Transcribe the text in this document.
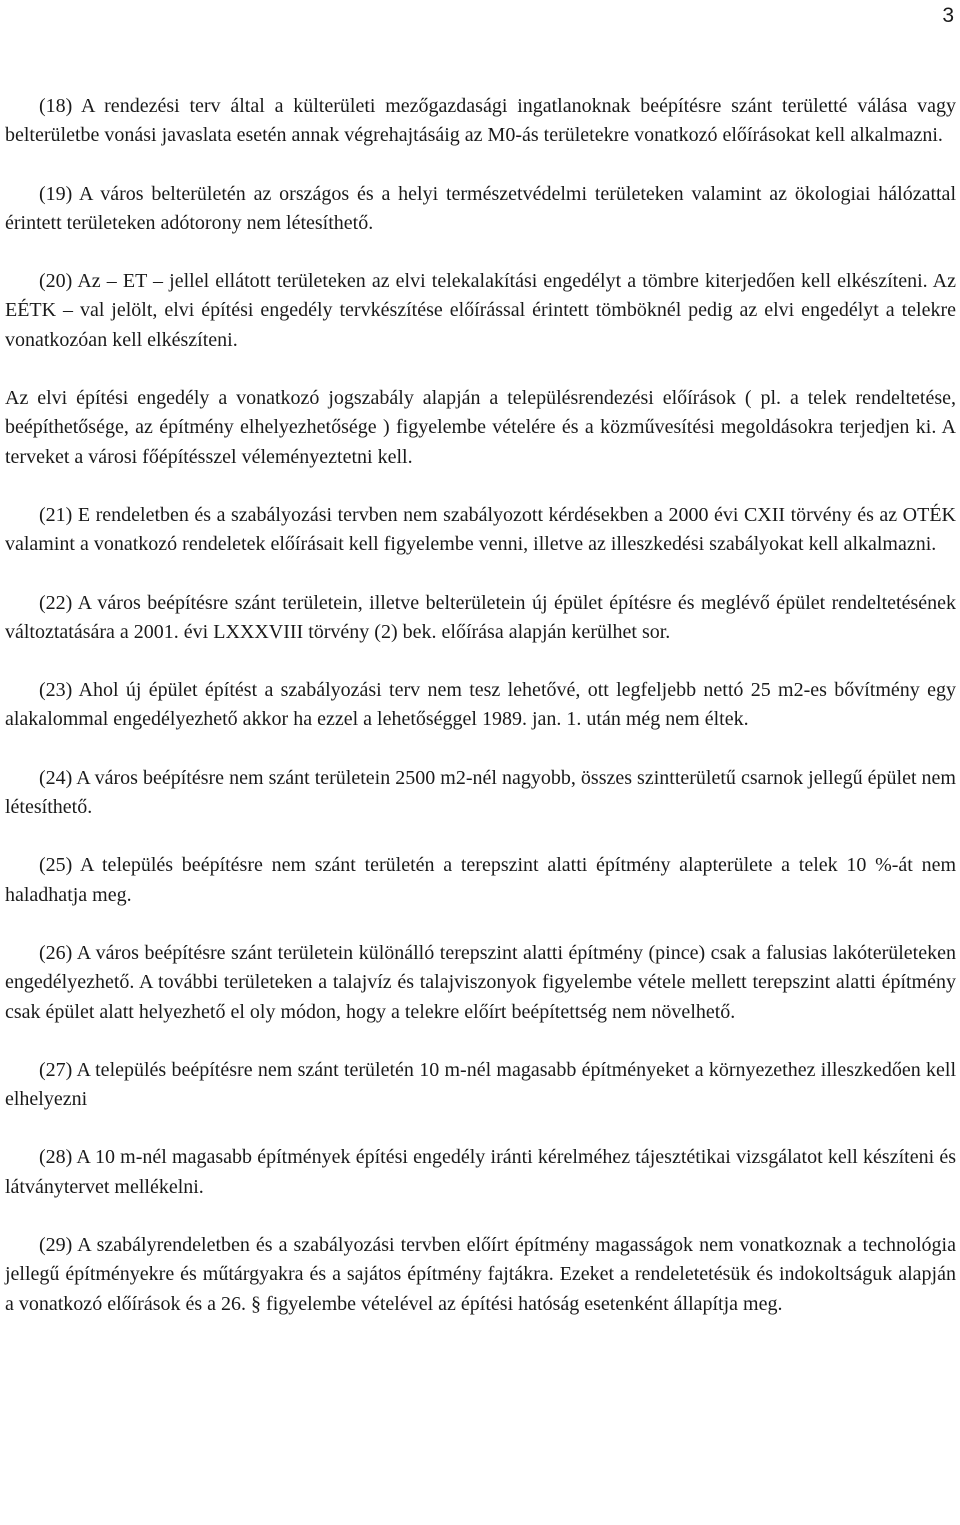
3

(18) A rendezési terv által a külterületi mezőgazdasági ingatlanoknak beépítésre szánt területté válása vagy belterületbe vonási javaslata esetén annak végrehajtásáig az M0-ás területekre vonatkozó előírásokat kell alkalmazni.

(19) A város belterületén az országos és a helyi természetvédelmi területeken valamint az ökologiai hálózattal érintett területeken adótorony nem létesíthető.

(20) Az – ET – jellel ellátott területeken az elvi telekalakítási engedélyt a tömbre kiterjedően kell elkészíteni. Az EÉTK – val jelölt, elvi építési engedély tervkészítése előírással érintett tömböknél pedig az elvi engedélyt a telekre vonatkozóan kell elkészíteni.

Az elvi építési engedély a vonatkozó jogszabály alapján a településrendezési előírások ( pl. a telek rendeltetése, beépíthetősége, az építmény elhelyezhetősége ) figyelembe vételére és a közművesítési megoldásokra terjedjen ki. A terveket a városi főépítésszel véleményeztetni kell.

(21) E rendeletben és a szabályozási tervben nem szabályozott kérdésekben a 2000 évi CXII törvény és az OTÉK valamint a vonatkozó rendeletek előírásait kell figyelembe venni, illetve az illeszkedési szabályokat kell alkalmazni.

(22) A város beépítésre szánt területein, illetve belterületein új épület építésre és meglévő épület rendeltetésének változtatására a 2001. évi LXXXVIII törvény (2) bek. előírása alapján kerülhet sor.

(23) Ahol új épület építést a szabályozási terv nem tesz lehetővé, ott legfeljebb nettó 25 m2-es bővítmény egy alakalommal engedélyezhető akkor ha ezzel a lehetőséggel 1989. jan. 1. után még nem éltek.

(24) A város beépítésre nem szánt területein 2500 m2-nél nagyobb, összes szintterületű csarnok jellegű épület nem létesíthető.

(25) A település beépítésre nem szánt területén a terepszint alatti építmény alapterülete a telek 10 %-át nem haladhatja meg.

(26) A város beépítésre szánt területein különálló terepszint alatti építmény (pince) csak a falusias lakóterületeken engedélyezhető. A további területeken a talajvíz és talajviszonyok figyelembe vétele mellett terepszint alatti építmény csak épület alatt helyezhető el oly módon, hogy a telekre előírt beépítettség nem növelhető.

(27) A település beépítésre nem szánt területén 10 m-nél magasabb építményeket a környezethez illeszkedően kell elhelyezni

(28) A 10 m-nél magasabb építmények építési engedély iránti kérelméhez tájesztétikai vizsgálatot kell készíteni és látványtervet mellékelni.

(29) A szabályrendeletben és a szabályozási tervben előírt építmény magasságok nem vonatkoznak a technológia jellegű építményekre és műtárgyakra és a sajátos építmény fajtákra. Ezeket a rendeletetésük és indokoltságuk alapján a vonatkozó előírások és a 26. § figyelembe vételével az építési hatóság esetenként állapítja meg.
